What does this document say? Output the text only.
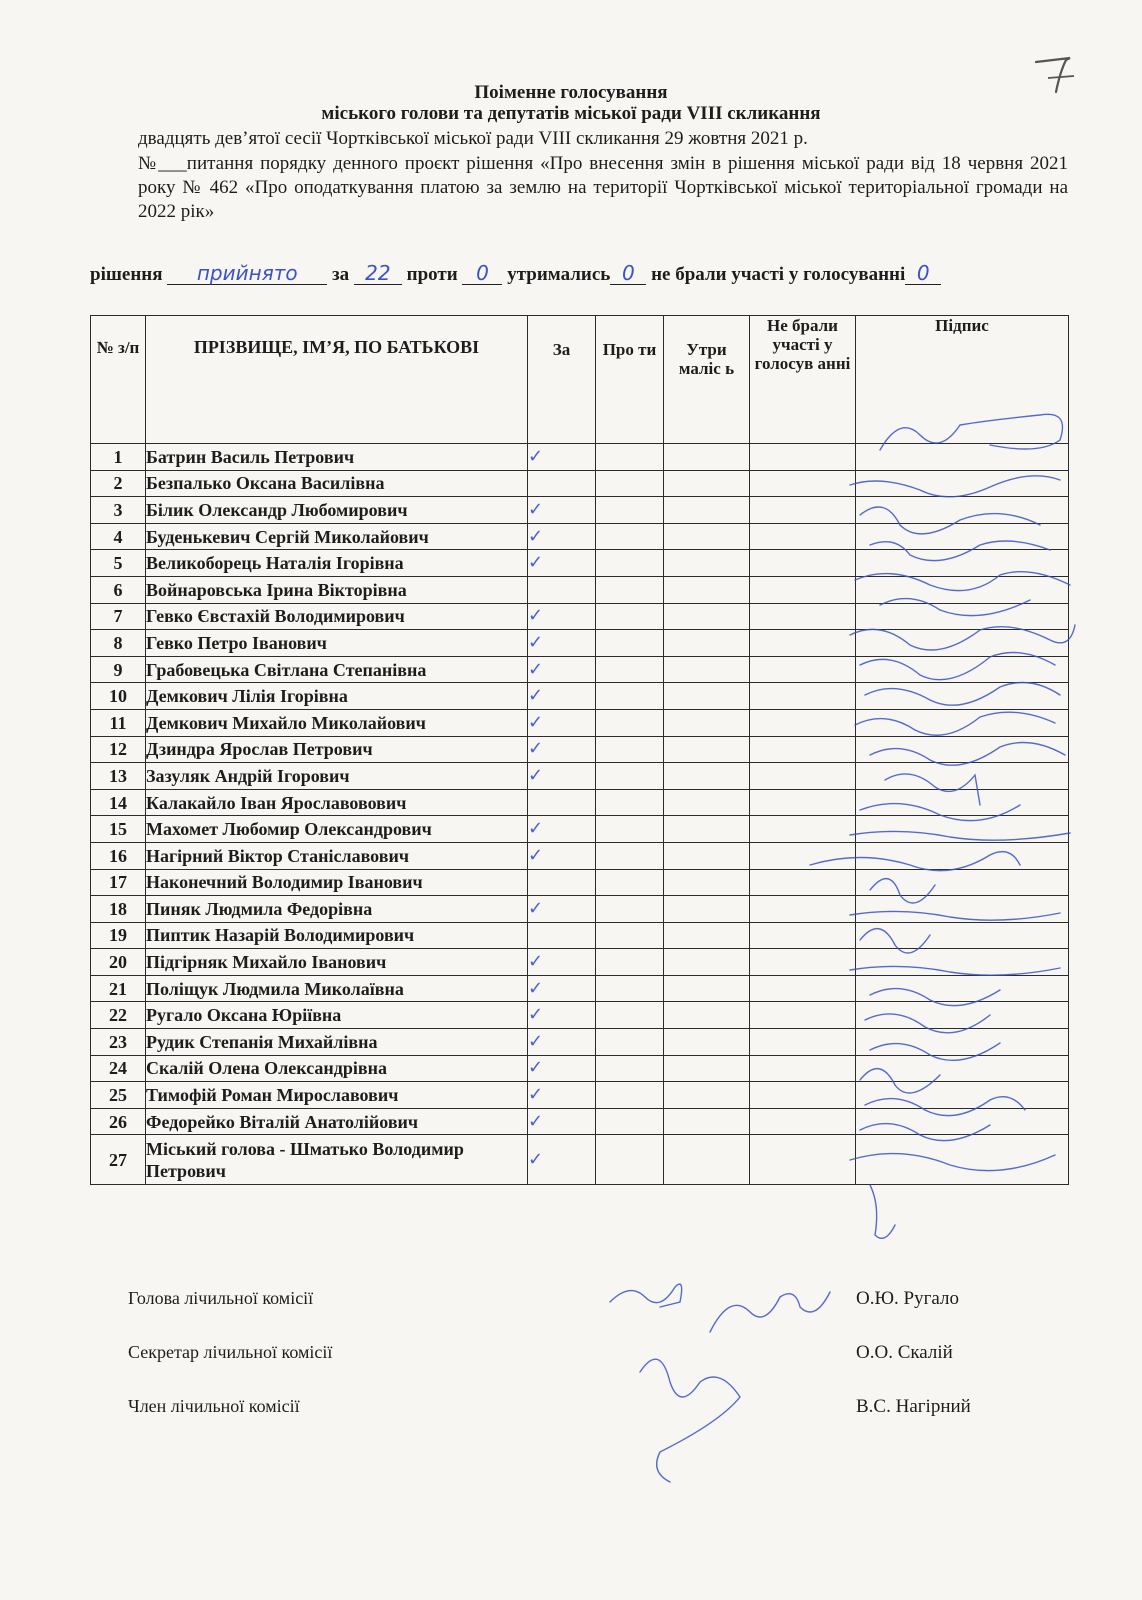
Поіменне голосування
міського голови та депутатів міської ради VIII скликання
двадцять дев’ятої сесії Чортківської міської ради VIII скликання 29 жовтня 2021 р.
№___питання порядку денного проєкт рішення «Про внесення змін в рішення міської ради від 18 червня 2021 року № 462 «Про оподаткування платою за землю на території Чортківської міської територіальної громади на 2022 рік»
рішення прийнято за 22 проти 0 утримались 0 не брали участі у голосуванні 0
№ з/п	ПРІЗВИЩЕ, ІМ’Я, ПО БАТЬКОВІ	За	Про ти	Утри маліс ь	Не брали участі у голосув анні	Підпис
1	Батрин Василь Петрович	✓				
2	Безпалько Оксана Василівна					
3	Білик Олександр Любомирович	✓				
4	Буденькевич Сергій Миколайович	✓				
5	Великоборець Наталія Ігорівна	✓				
6	Войнаровська Ірина Вікторівна					
7	Гевко Євстахій Володимирович	✓				
8	Гевко Петро Іванович	✓				
9	Грабовецька Світлана Степанівна	✓				
10	Демкович Лілія Ігорівна	✓				
11	Демкович Михайло Миколайович	✓				
12	Дзиндра Ярослав Петрович	✓				
13	Зазуляк Андрій Ігорович	✓				
14	Калакайло Іван Ярославовович					
15	Махомет Любомир Олександрович	✓				
16	Нагірний Віктор Станіславович	✓				
17	Наконечний Володимир Іванович					
18	Пиняк Людмила Федорівна	✓				
19	Пиптик Назарій Володимирович					
20	Підгірняк Михайло Іванович	✓				
21	Поліщук Людмила Миколаївна	✓				
22	Ругало Оксана Юріївна	✓				
23	Рудик Степанія Михайлівна	✓				
24	Скалій Олена Олександрівна	✓				
25	Тимофій Роман Мирославович	✓				
26	Федорейко Віталій Анатолійович	✓				
27	Міський голова - Шматько Володимир Петрович	✓				
Голова лічильної комісії	О.Ю. Ругало
Секретар лічильної комісії	О.О. Скалій
Член лічильної комісії	В.С. Нагірний
